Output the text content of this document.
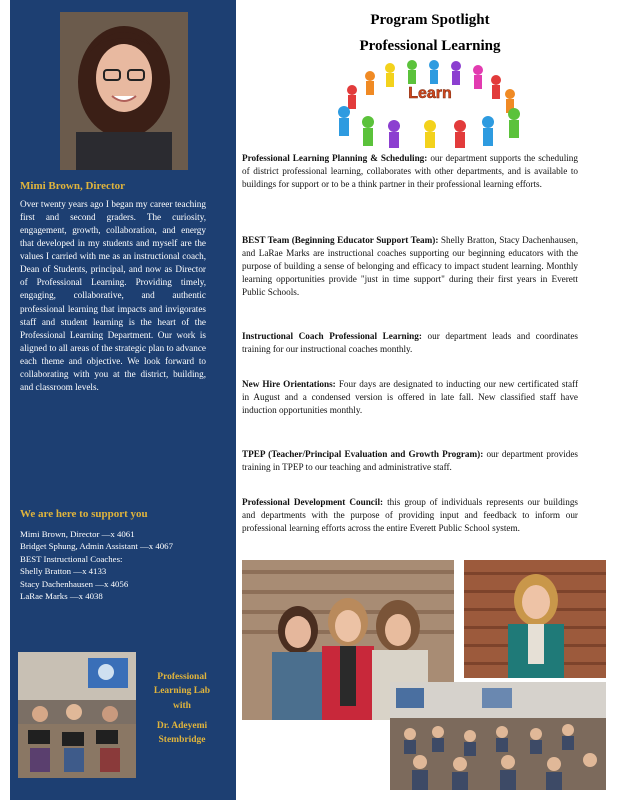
Mimi Brown, Director
Over twenty years ago I began my career teaching first and second graders. The curiosity, engagement, growth, collaboration, and energy that developed in my students and myself are the values I carried with me as an instructional coach, Dean of Students, principal, and now as Director of Professional Learning. Providing timely, engaging, collaborative, and authentic professional learning that impacts and invigorates staff and student learning is the heart of the Professional Learning Department. Our work is aligned to all areas of the strategic plan to advance each theme and objective. We look forward to collaborating with you at the district, building, and classroom levels.
We are here to support you
Mimi Brown, Director —x 4061
Bridget Sphung, Admin Assistant —x 4067
BEST Instructional Coaches:
Shelly Bratton —x 4133
Stacy Dachenhausen —x 4056
LaRae Marks —x 4038
Professional
Learning Lab
with
Dr. Adeyemi
Stembridge
Program Spotlight
Professional Learning
Learn
Professional Learning Planning & Scheduling: our department supports the scheduling of district professional learning, collaborates with other departments, and is available to buildings for support or to be a think partner in their professional learning efforts.
BEST Team (Beginning Educator Support Team): Shelly Bratton, Stacy Dachenhausen, and LaRae Marks are instructional coaches supporting our beginning educators with the purpose of building a sense of belonging and efficacy to impact student learning. Monthly learning opportunities provide "just in time support" during their first years in Everett Public Schools.
Instructional Coach Professional Learning: our department leads and coordinates training for our instructional coaches monthly.
New Hire Orientations: Four days are designated to inducting our new certificated staff in August and a condensed version is offered in late fall. New classified staff have induction opportunities monthly.
TPEP (Teacher/Principal Evaluation and Growth Program): our department provides training in TPEP to our teaching and administrative staff.
Professional Development Council: this group of individuals represents our buildings and departments with the purpose of providing input and feedback to inform our professional learning efforts across the entire Everett Public School system.
